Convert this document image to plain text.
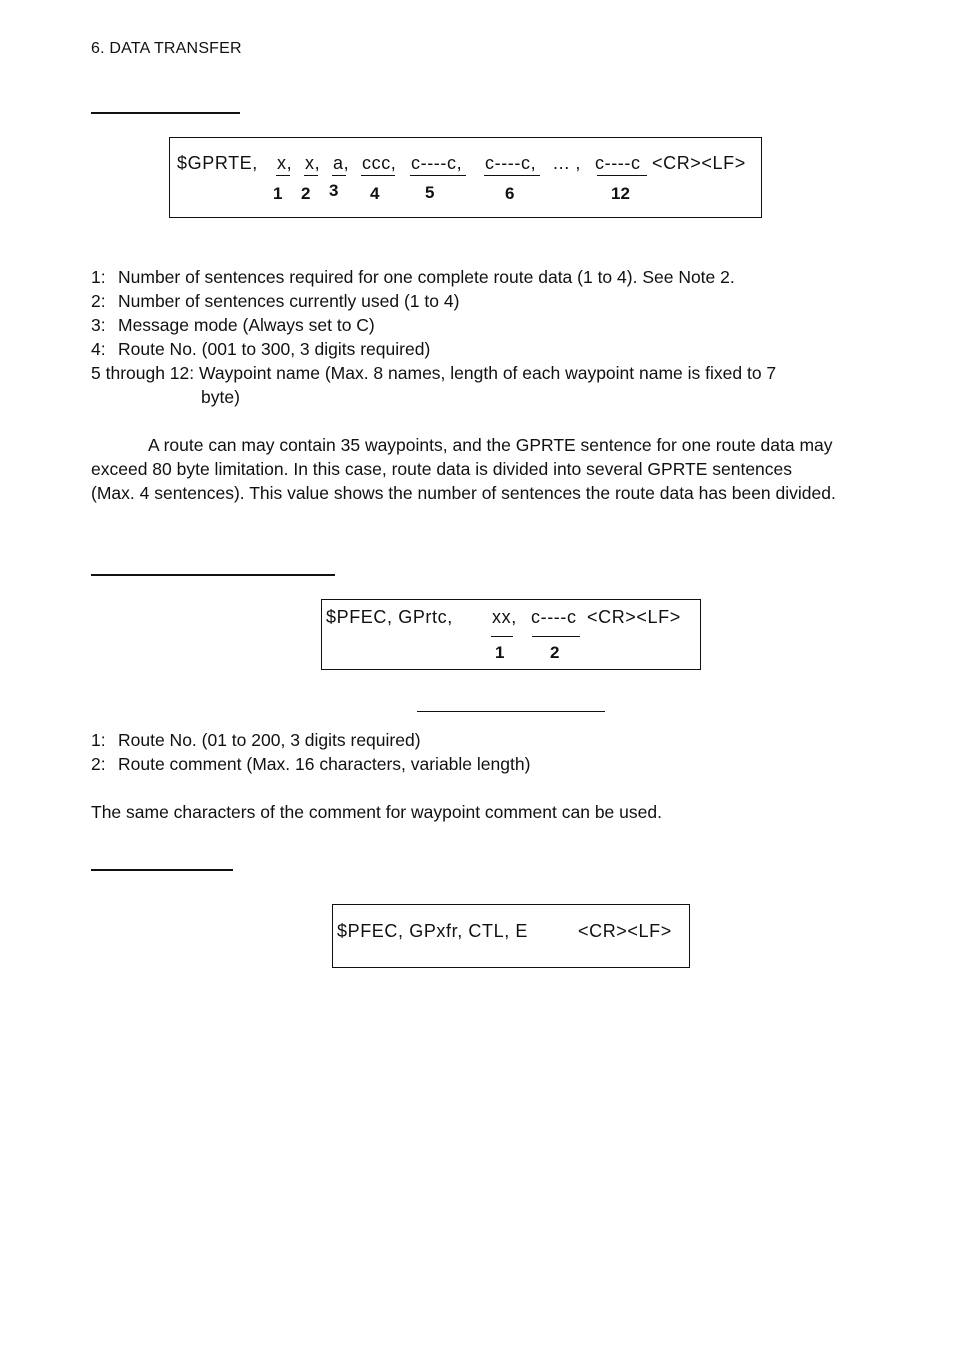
6. DATA TRANSFER
$GPRTE, x, x, a, ccc, c----c, c----c, ... , c----c <CR><LF>
1 2 3 4	5	6	12
1: Number of sentences required for one complete route data (1 to 4). See Note 2.
2: Number of sentences currently used (1 to 4)
3: Message mode (Always set to C)
4: Route No. (001 to 300, 3 digits required)
5 through 12: Waypoint name (Max. 8 names, length of each waypoint name is fixed to 7
byte)
A route can may contain 35 waypoints, and the GPRTE sentence for one route data may exceed 80 byte limitation. In this case, route data is divided into several GPRTE sentences (Max. 4 sentences). This value shows the number of sentences the route data has been divided.
$PFEC, GPrtc, xx, c----c <CR><LF>
1	2
1: Route No. (01 to 200, 3 digits required)
2: Route comment (Max. 16 characters, variable length)
The same characters of the comment for waypoint comment can be used.
$PFEC, GPxfr, CTL, E	<CR><LF>
